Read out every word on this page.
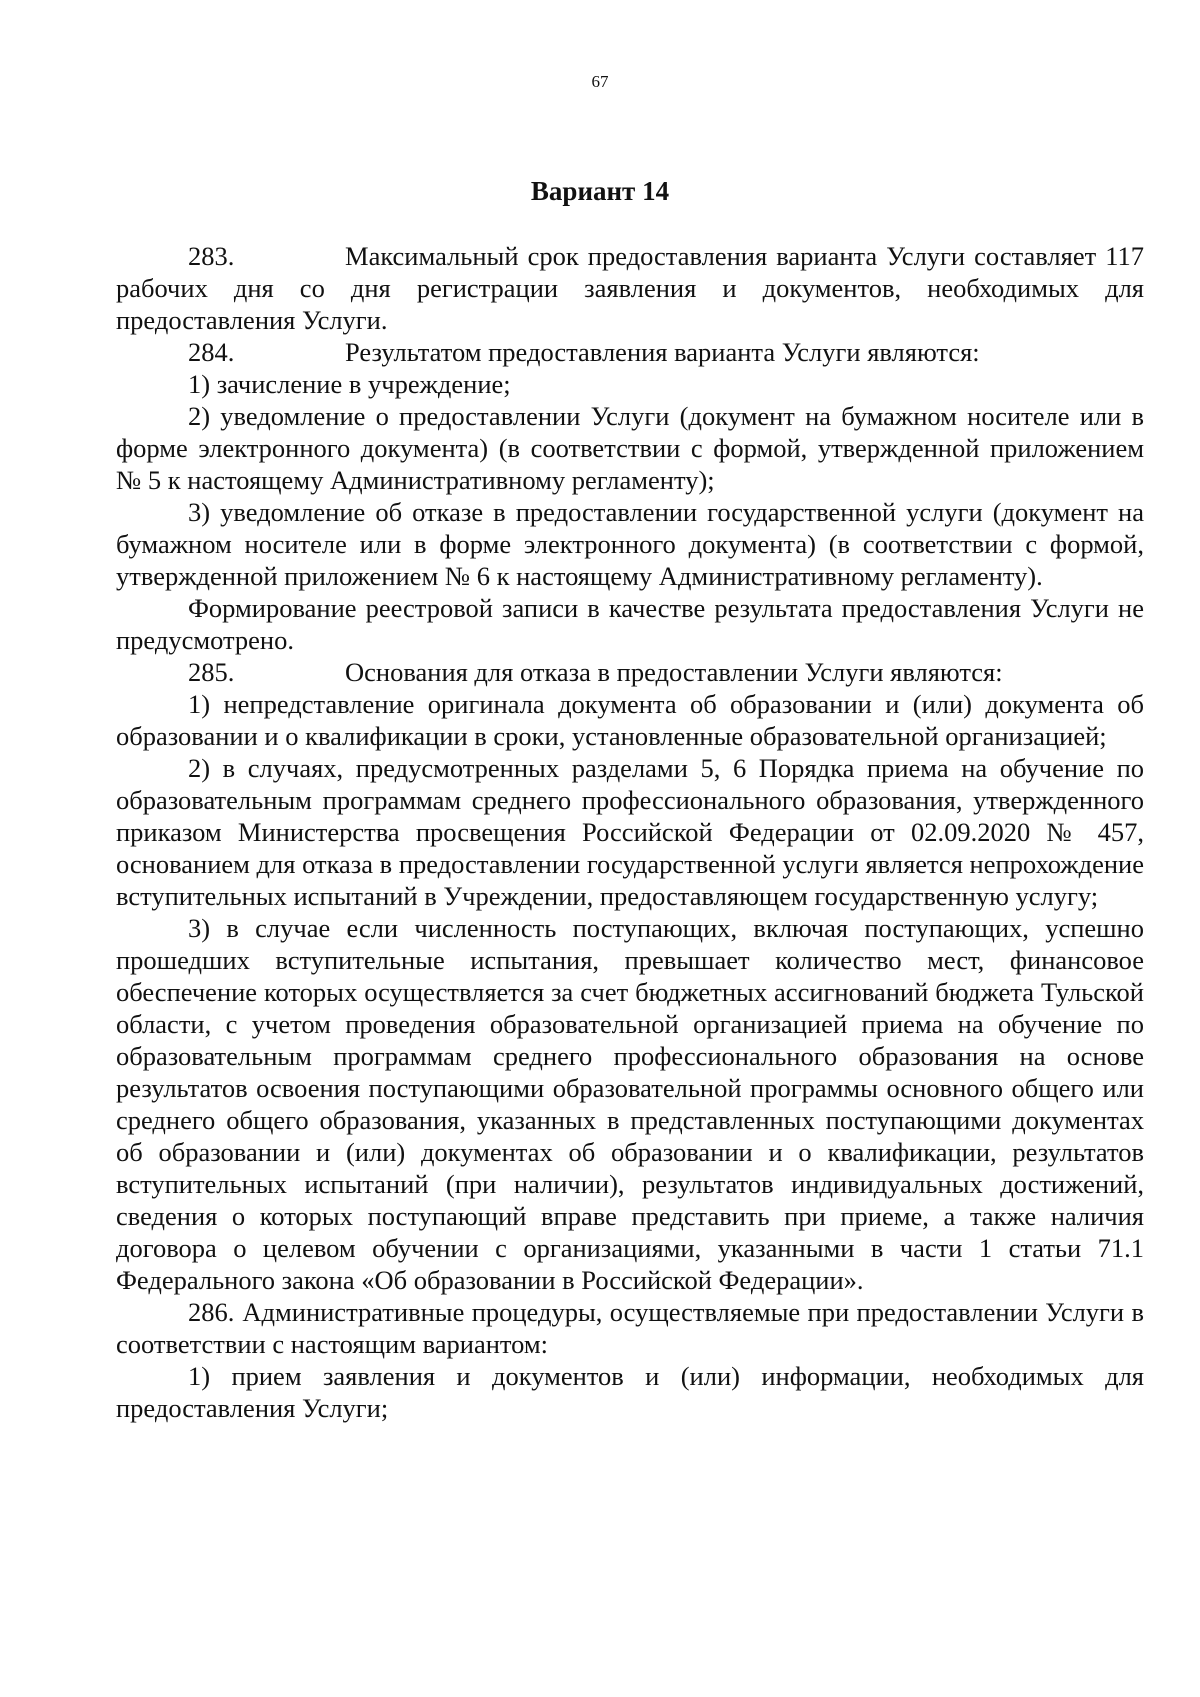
67
Вариант 14

283.	Максимальный срок предоставления варианта Услуги составляет 117 рабочих дня со дня регистрации заявления и документов, необходимых для предоставления Услуги.

284.	Результатом предоставления варианта Услуги являются:

1) зачисление в учреждение;

2) уведомление о предоставлении Услуги (документ на бумажном носителе или в форме электронного документа) (в соответствии с формой, утвержденной приложением № 5 к настоящему Административному регламенту);

3) уведомление об отказе в предоставлении государственной услуги (документ на бумажном носителе или в форме электронного документа) (в соответствии с формой, утвержденной приложением № 6 к настоящему Административному регламенту).

Формирование реестровой записи в качестве результата предоставления Услуги не предусмотрено.

285.	Основания для отказа в предоставлении Услуги являются:

1) непредставление оригинала документа об образовании и (или) документа об образовании и о квалификации в сроки, установленные образовательной организацией;

2) в случаях, предусмотренных разделами 5, 6 Порядка приема на обучение по образовательным программам среднего профессионального образования, утвержденного приказом Министерства просвещения Российской Федерации от 02.09.2020 № 457, основанием для отказа в предоставлении государственной услуги является непрохождение вступительных испытаний в Учреждении, предоставляющем государственную услугу;

3) в случае если численность поступающих, включая поступающих, успешно прошедших вступительные испытания, превышает количество мест, финансовое обеспечение которых осуществляется за счет бюджетных ассигнований бюджета Тульской области, с учетом проведения образовательной организацией приема на обучение по образовательным программам среднего профессионального образования на основе результатов освоения поступающими образовательной программы основного общего или среднего общего образования, указанных в представленных поступающими документах об образовании и (или) документах об образовании и о квалификации, результатов вступительных испытаний (при наличии), результатов индивидуальных достижений, сведения о которых поступающий вправе представить при приеме, а также наличия договора о целевом обучении с организациями, указанными в части 1 статьи 71.1 Федерального закона «Об образовании в Российской Федерации».

286. Административные процедуры, осуществляемые при предоставлении Услуги в соответствии с настоящим вариантом:

1) прием заявления и документов и (или) информации, необходимых для предоставления Услуги;
